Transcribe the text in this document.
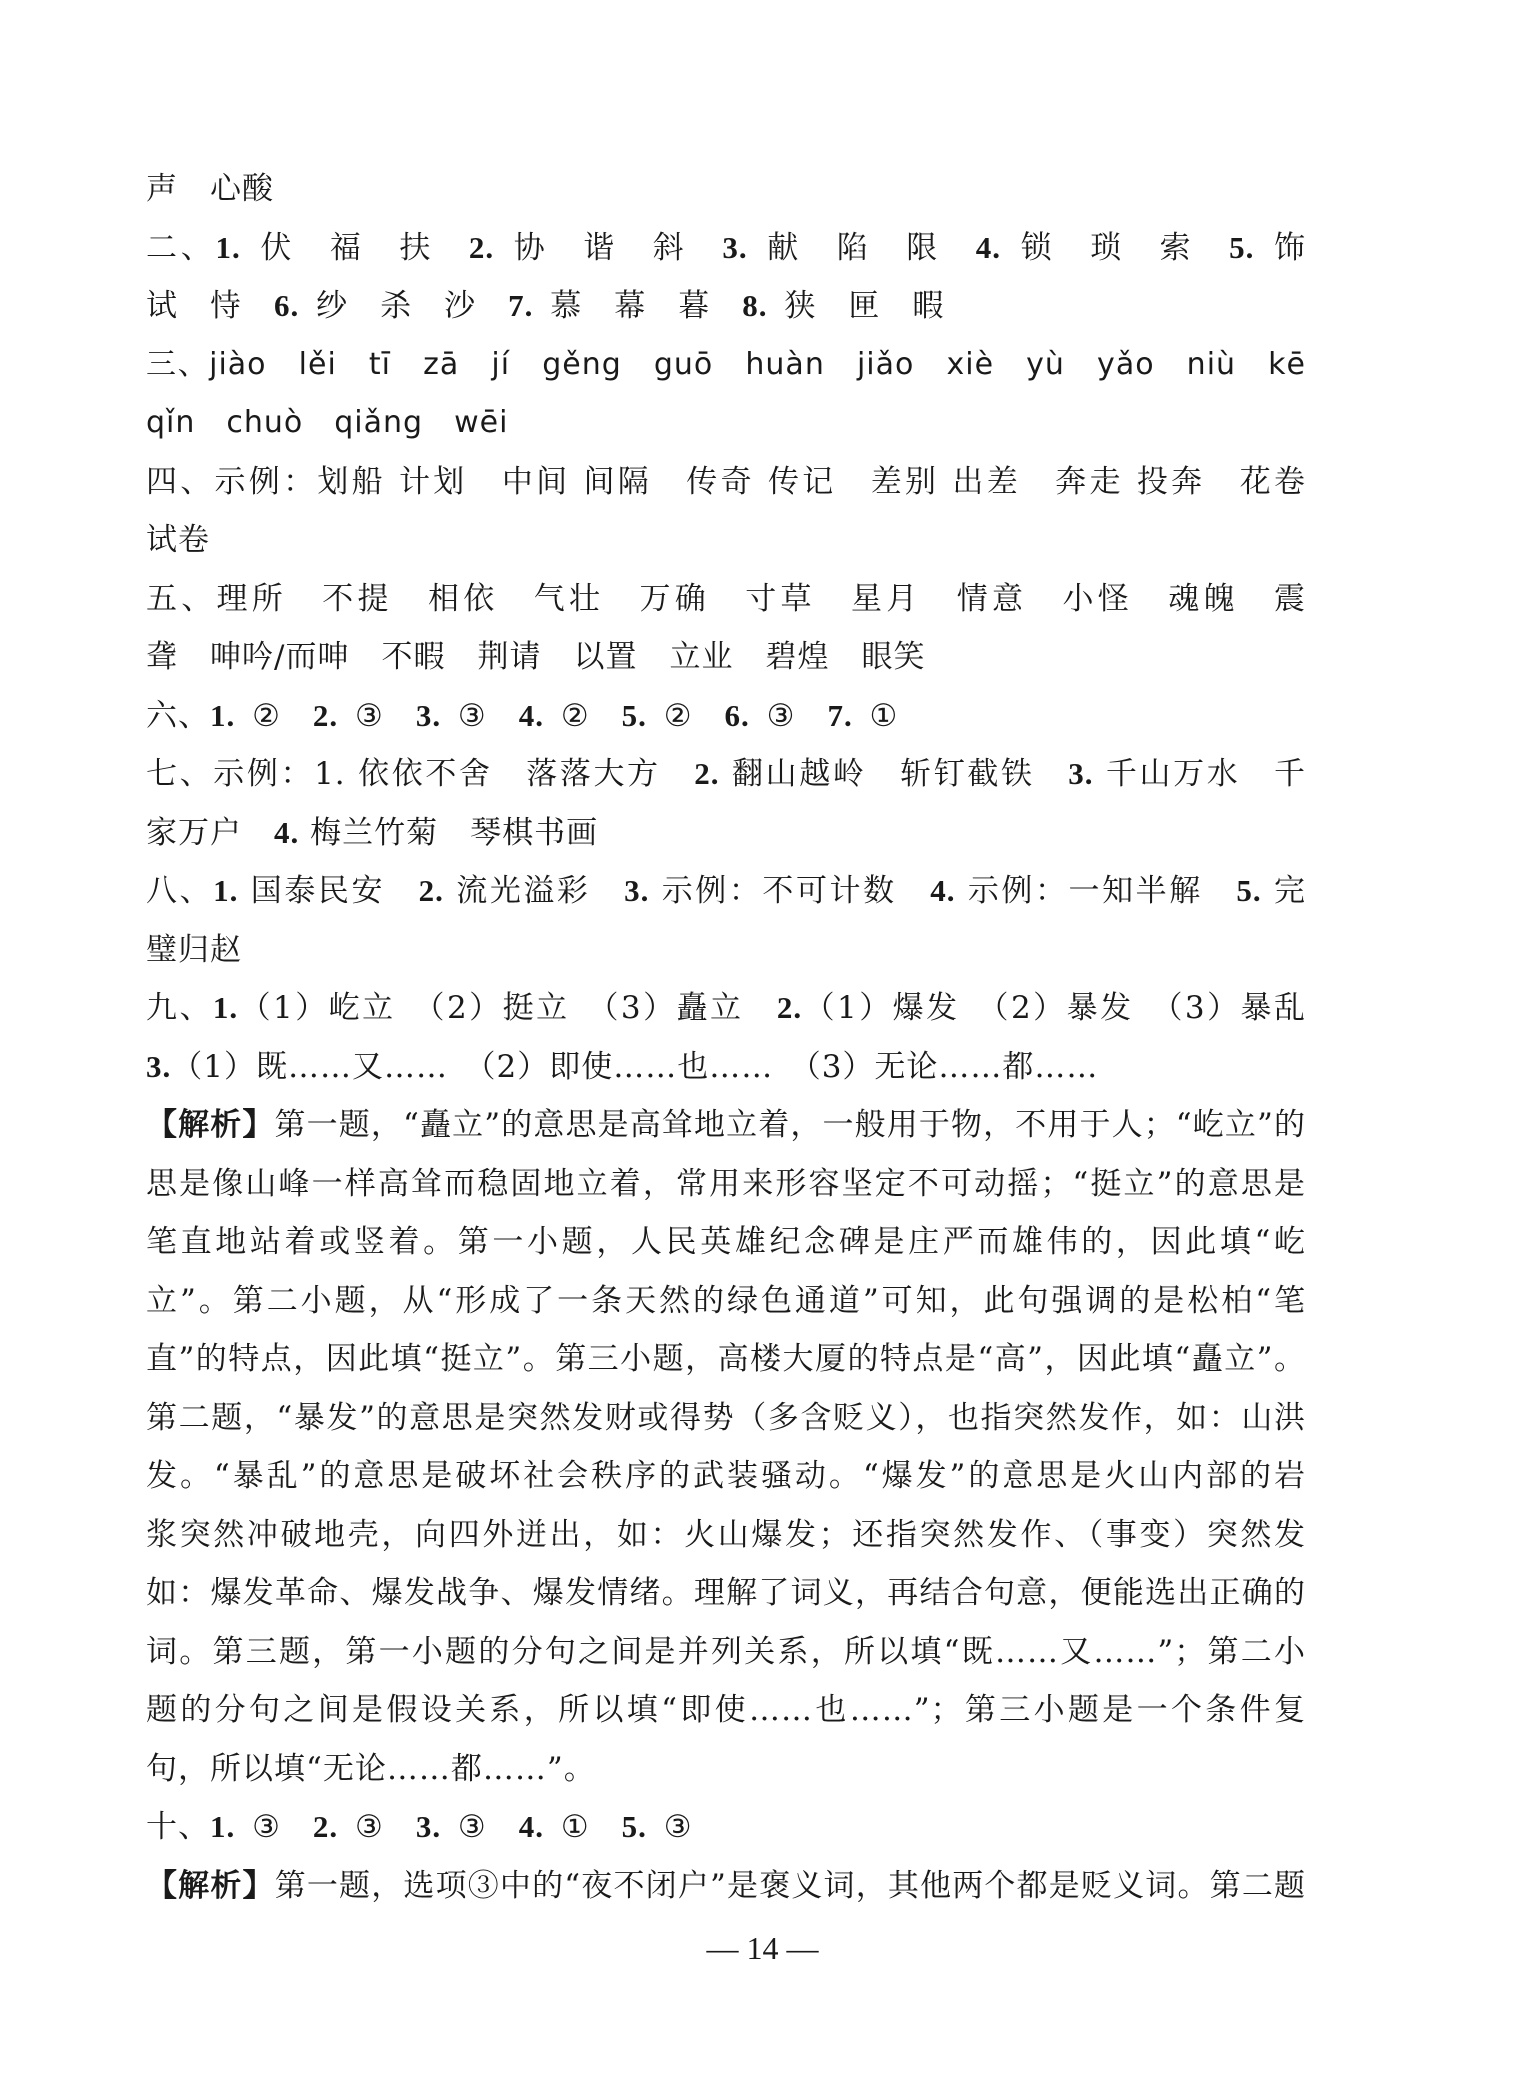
声　心酸
二、1. 伏　福　扶　2. 协　谐　斜　3. 献　陷　限　4. 锁　琐　索　5. 饰
试　恃　6. 纱　杀　沙　7. 慕　幕　暮　8. 狭　匣　暇
三、jiào　lěi　tī　zā　jí　gěng　guō　huàn　jiǎo　xiè　yù　yǎo　niù　kē
qǐn　chuò　qiǎng　wēi
四、示例：划船 计划　中间 间隔　传奇 传记　差别 出差　奔走 投奔　花卷
试卷
五、理所　不提　相依　气壮　万确　寸草　星月　情意　小怪　魂魄　震
聋　呻吟/而呻　不暇　荆请　以置　立业　碧煌　眼笑
六、1. ②　2. ③　3. ③　4. ②　5. ②　6. ③　7. ①
七、示例：1. 依依不舍　落落大方　2. 翻山越岭　斩钉截铁　3. 千山万水　千
家万户　4. 梅兰竹菊　琴棋书画
八、1. 国泰民安　2. 流光溢彩　3. 示例：不可计数　4. 示例：一知半解　5. 完
璧归赵
九、1.（1）屹立　（2）挺立　（3）矗立　2.（1）爆发　（2）暴发　（3）暴乱
3.（1）既……又……　（2）即使……也……　（3）无论……都……
【解析】第一题，“矗立”的意思是高耸地立着，一般用于物，不用于人；“屹立”的
思是像山峰一样高耸而稳固地立着，常用来形容坚定不可动摇；“挺立”的意思是
笔直地站着或竖着。第一小题，人民英雄纪念碑是庄严而雄伟的，因此填“屹
立”。第二小题，从“形成了一条天然的绿色通道”可知，此句强调的是松柏“笔
直”的特点，因此填“挺立”。第三小题，高楼大厦的特点是“高”，因此填“矗立”。
第二题，“暴发”的意思是突然发财或得势（多含贬义），也指突然发作，如：山洪
发。“暴乱”的意思是破坏社会秩序的武装骚动。“爆发”的意思是火山内部的岩
浆突然冲破地壳，向四外迸出，如：火山爆发；还指突然发作、（事变）突然发
如：爆发革命、爆发战争、爆发情绪。理解了词义，再结合句意，便能选出正确的
词。第三题，第一小题的分句之间是并列关系，所以填“既……又……”；第二小
题的分句之间是假设关系，所以填“即使……也……”；第三小题是一个条件复
句，所以填“无论……都……”。
十、1. ③　2. ③　3. ③　4. ①　5. ③
【解析】第一题，选项③中的“夜不闭户”是褒义词，其他两个都是贬义词。第二题
— 14 —
